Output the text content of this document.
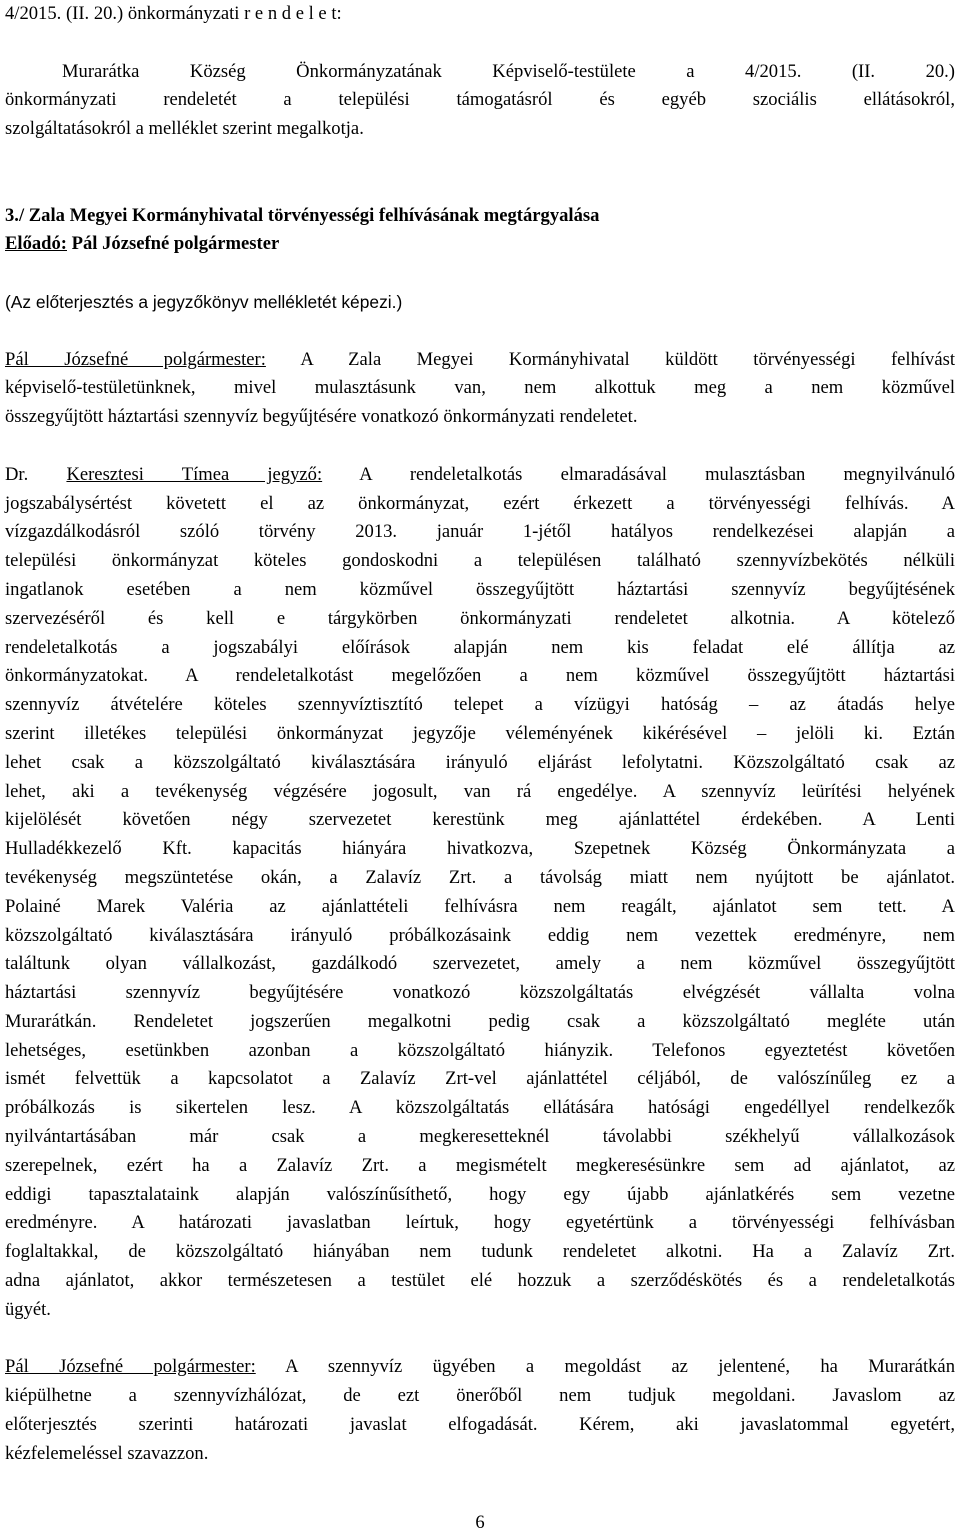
4/2015. (II. 20.) önkormányzati r e n d e l e t:
Murarátka Község Önkormányzatának Képviselő-testülete a 4/2015. (II. 20.)
önkormányzati rendeletét a települési támogatásról és egyéb szociális ellátásokról,
szolgáltatásokról a melléklet szerint megalkotja.
3./ Zala Megyei Kormányhivatal törvényességi felhívásának megtárgyalása
Előadó: Pál Józsefné polgármester
(Az előterjesztés a jegyzőkönyv mellékletét képezi.)
Pál Józsefné polgármester: A Zala Megyei Kormányhivatal küldött törvényességi felhívást
képviselő-testületünknek, mivel mulasztásunk van, nem alkottuk meg a nem közművel
összegyűjtött háztartási szennyvíz begyűjtésére vonatkozó önkormányzati rendeletet.
Dr. Keresztesi Tímea jegyző: A rendeletalkotás elmaradásával mulasztásban megnyilvánuló
jogszabálysértést követett el az önkormányzat, ezért érkezett a törvényességi felhívás. A
vízgazdálkodásról szóló törvény 2013. január 1-jétől hatályos rendelkezései alapján a
települési önkormányzat köteles gondoskodni a településen található szennyvízbekötés nélküli
ingatlanok esetében a nem közművel összegyűjtött háztartási szennyvíz begyűjtésének
szervezéséről és kell e tárgykörben önkormányzati rendeletet alkotnia. A kötelező
rendeletalkotás a jogszabályi előírások alapján nem kis feladat elé állítja az
önkormányzatokat. A rendeletalkotást megelőzően a nem közművel összegyűjtött háztartási
szennyvíz átvételére köteles szennyvíztisztító telepet a vízügyi hatóság – az átadás helye
szerint illetékes települési önkormányzat jegyzője véleményének kikérésével – jelöli ki. Eztán
lehet csak a közszolgáltató kiválasztására irányuló eljárást lefolytatni. Közszolgáltató csak az
lehet, aki a tevékenység végzésére jogosult, van rá engedélye. A szennyvíz leürítési helyének
kijelölését követően négy szervezetet kerestünk meg ajánlattétel érdekében. A Lenti
Hulladékkezelő Kft. kapacitás hiányára hivatkozva, Szepetnek Község Önkormányzata a
tevékenység megszüntetése okán, a Zalavíz Zrt. a távolság miatt nem nyújtott be ajánlatot.
Polainé Marek Valéria az ajánlattételi felhívásra nem reagált, ajánlatot sem tett. A
közszolgáltató kiválasztására irányuló próbálkozásaink eddig nem vezettek eredményre, nem
találtunk olyan vállalkozást, gazdálkodó szervezetet, amely a nem közművel összegyűjtött
háztartási szennyvíz begyűjtésére vonatkozó közszolgáltatás elvégzését vállalta volna
Murarátkán. Rendeletet jogszerűen megalkotni pedig csak a közszolgáltató megléte után
lehetséges, esetünkben azonban a közszolgáltató hiányzik. Telefonos egyeztetést követően
ismét felvettük a kapcsolatot a Zalavíz Zrt-vel ajánlattétel céljából, de valószínűleg ez a
próbálkozás is sikertelen lesz. A közszolgáltatás ellátására hatósági engedéllyel rendelkezők
nyilvántartásában már csak a megkeresetteknél távolabbi székhelyű vállalkozások
szerepelnek, ezért ha a Zalavíz Zrt. a megismételt megkeresésünkre sem ad ajánlatot, az
eddigi tapasztalataink alapján valószínűsíthető, hogy egy újabb ajánlatkérés sem vezetne
eredményre. A határozati javaslatban leírtuk, hogy egyetértünk a törvényességi felhívásban
foglaltakkal, de közszolgáltató hiányában nem tudunk rendeletet alkotni. Ha a Zalavíz Zrt.
adna ajánlatot, akkor természetesen a testület elé hozzuk a szerződéskötés és a rendeletalkotás
ügyét.
Pál Józsefné polgármester: A szennyvíz ügyében a megoldást az jelentené, ha Murarátkán
kiépülhetne a szennyvízhálózat, de ezt önerőből nem tudjuk megoldani. Javaslom az
előterjesztés szerinti határozati javaslat elfogadását. Kérem, aki javaslatommal egyetért,
kézfelemeléssel szavazzon.
6
